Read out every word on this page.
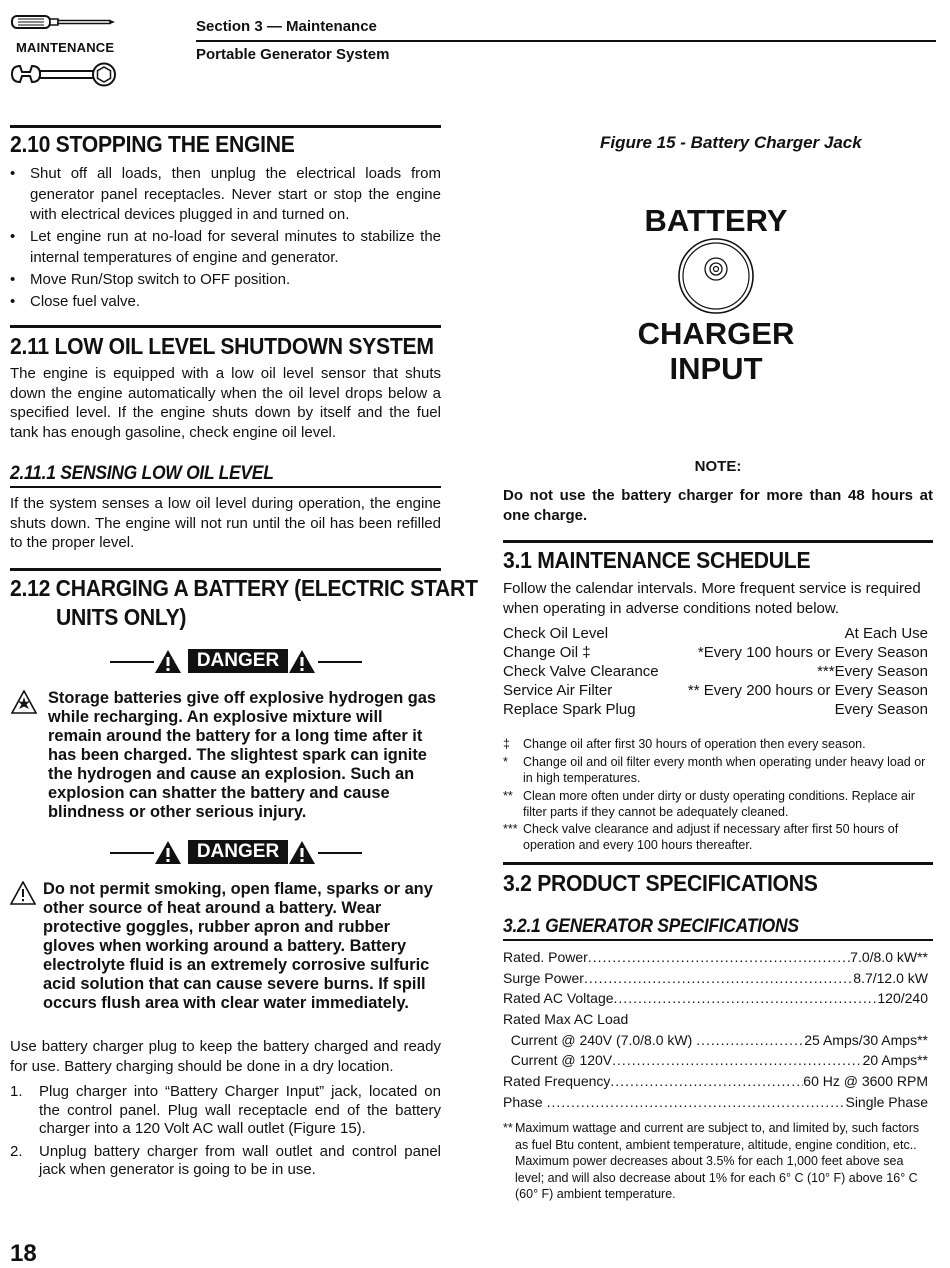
MAINTENANCE
Section 3 — Maintenance
Portable Generator System
2.10 STOPPING THE ENGINE
• Shut off all loads, then unplug the electrical loads from generator panel receptacles. Never start or stop the engine with electrical devices plugged in and turned on.
• Let engine run at no-load for several minutes to stabilize the internal temperatures of engine and generator.
• Move Run/Stop switch to OFF position.
• Close fuel valve.
2.11 LOW OIL LEVEL SHUTDOWN SYSTEM
The engine is equipped with a low oil level sensor that shuts down the engine automatically when the oil level drops below a specified level. If the engine shuts down by itself and the fuel tank has enough gasoline, check engine oil level.
2.11.1 SENSING LOW OIL LEVEL
If the system senses a low oil level during operation, the engine shuts down. The engine will not run until the oil has been refilled to the proper level.
2.12 CHARGING A BATTERY (ELECTRIC START
UNITS ONLY)
DANGER
Storage batteries give off explosive hydrogen gas while recharging. An explosive mixture will remain around the battery for a long time after it has been charged. The slightest spark can ignite the hydrogen and cause an explosion. Such an explosion can shatter the battery and cause blindness or other serious injury.
DANGER
Do not permit smoking, open flame, sparks or any other source of heat around a battery. Wear protective goggles, rubber apron and rubber gloves when working around a battery. Battery electrolyte fluid is an extremely corrosive sulfuric acid solution that can cause severe burns. If spill occurs flush area with clear water immediately.
Use battery charger plug to keep the battery charged and ready for use. Battery charging should be done in a dry location.
1. Plug charger into “Battery Charger Input” jack, located on the control panel. Plug wall receptacle end of the battery charger into a 120 Volt AC wall outlet (Figure 15).
2. Unplug battery charger from wall outlet and control panel jack when generator is going to be in use.
Figure 15 - Battery Charger Jack
BATTERY
CHARGER
INPUT
NOTE:
Do not use the battery charger for more than 48 hours at one charge.
3.1 MAINTENANCE SCHEDULE
Follow the calendar intervals. More frequent service is required when operating in adverse conditions noted below.
Check Oil Level	At Each Use
Change Oil ‡	*Every 100 hours or Every Season
Check Valve Clearance	***Every Season
Service Air Filter	** Every 200 hours or Every Season
Replace Spark Plug	Every Season
‡	Change oil after first 30 hours of operation then every season.
*	Change oil and oil filter every month when operating under heavy load or in high temperatures.
** Clean more often under dirty or dusty operating conditions. Replace air filter parts if they cannot be adequately cleaned.
*** Check valve clearance and adjust if necessary after first 50 hours of operation and every 100 hours thereafter.
3.2 PRODUCT SPECIFICATIONS
3.2.1 GENERATOR SPECIFICATIONS
Rated. Power .....	7.0/8.0 kW**
Surge Power .....	8.7/12.0 kW
Rated AC Voltage .....	120/240
Rated Max AC Load
Current @ 240V (7.0/8.0 kW) .....	25 Amps/30 Amps**
Current @ 120V .....	20 Amps**
Rated Frequency .....	60 Hz @ 3600 RPM
Phase .....	Single Phase
** Maximum wattage and current are subject to, and limited by, such factors as fuel Btu content, ambient temperature, altitude, engine condition, etc.. Maximum power decreases about 3.5% for each 1,000 feet above sea level; and will also decrease about 1% for each 6° C (10° F) above 16° C (60° F) ambient temperature.
18
